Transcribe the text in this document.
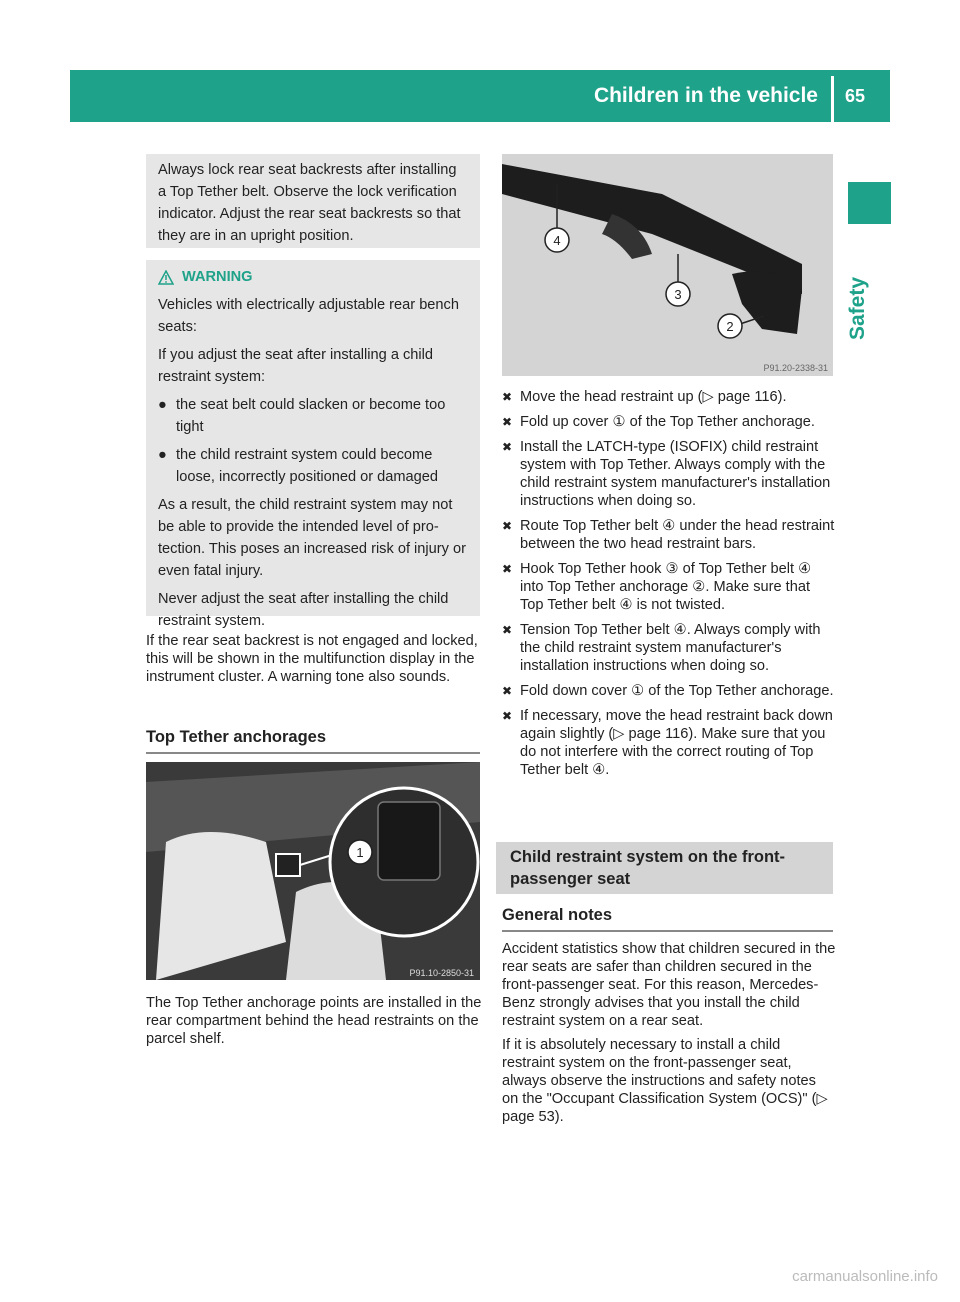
Children in the vehicle 65
Safety

Always lock rear seat backrests after installing a Top Tether belt. Observe the lock verification indicator. Adjust the rear seat backrests so that they are in an upright position.

WARNING

Vehicles with electrically adjustable rear bench seats:

If you adjust the seat after installing a child restraint system:

● the seat belt could slacken or become too tight
● the child restraint system could become loose, incorrectly positioned or damaged

As a result, the child restraint system may not be able to provide the intended level of protection. This poses an increased risk of injury or even fatal injury.

Never adjust the seat after installing the child restraint system.

If the rear seat backrest is not engaged and locked, this will be shown in the multifunction display in the instrument cluster. A warning tone also sounds.

Top Tether anchorages
1
P91.10-2850-31

The Top Tether anchorage points are installed in the rear compartment behind the head restraints on the parcel shelf.

4
3
2
P91.20-2338-31
✖ Move the head restraint up (▷ page 116).
✖ Fold up cover ① of the Top Tether anchorage.
✖ Install the LATCH-type (ISOFIX) child restraint system with Top Tether. Always comply with the child restraint system manufacturer's installation instructions when doing so.
✖ Route Top Tether belt ④ under the head restraint between the two head restraint bars.
✖ Hook Top Tether hook ③ of Top Tether belt ④ into Top Tether anchorage ②. Make sure that Top Tether belt ④ is not twisted.
✖ Tension Top Tether belt ④. Always comply with the child restraint system manufacturer's installation instructions when doing so.
✖ Fold down cover ① of the Top Tether anchorage.
✖ If necessary, move the head restraint back down again slightly (▷ page 116). Make sure that you do not interfere with the correct routing of Top Tether belt ④.
Child restraint system on the front-passenger seat
General notes

Accident statistics show that children secured in the rear seats are safer than children secured in the front-passenger seat. For this reason, Mercedes-Benz strongly advises that you install the child restraint system on a rear seat.

If it is absolutely necessary to install a child restraint system on the front-passenger seat, always observe the instructions and safety notes on the "Occupant Classification System (OCS)" (▷ page 53).

carmanualsonline.info
